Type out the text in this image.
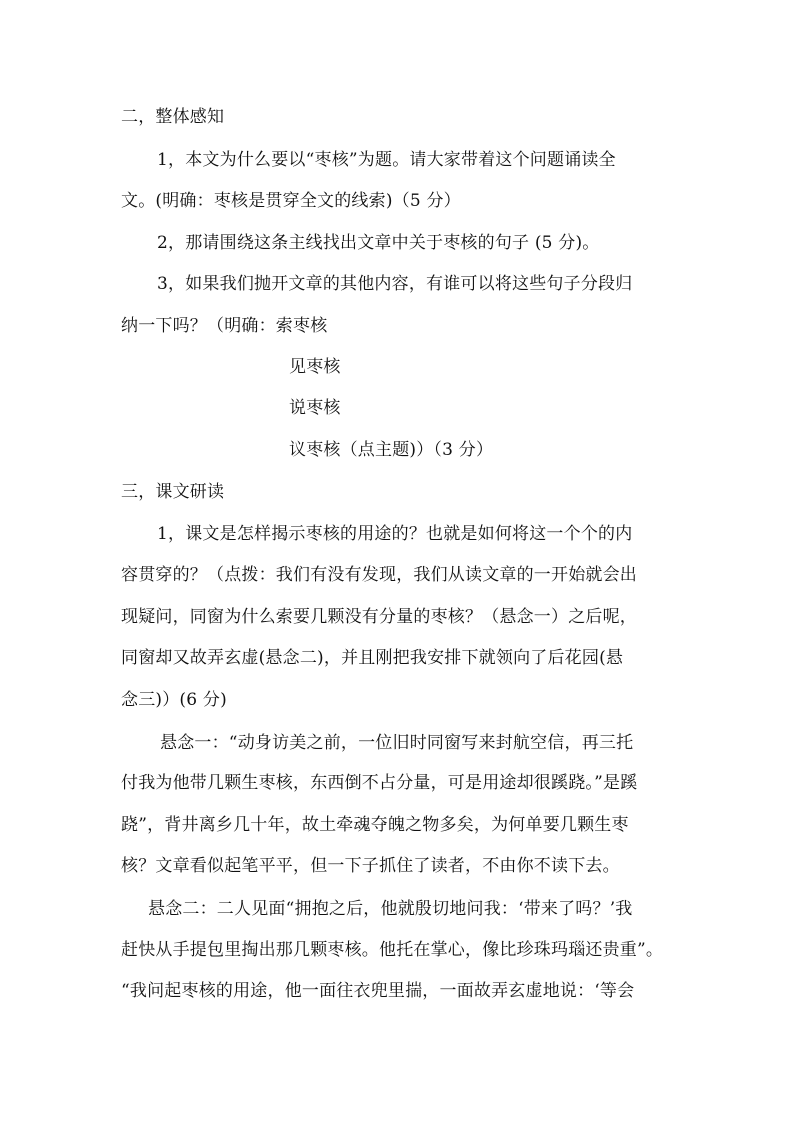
二，整体感知
1，本文为什么要以“枣核”为题。请大家带着这个问题诵读全
文。(明确：枣核是贯穿全文的线索)（5 分）
2，那请围绕这条主线找出文章中关于枣核的句子 (5 分)。
3，如果我们抛开文章的其他内容，有谁可以将这些句子分段归
纳一下吗？（明确：索枣核
见枣核
说枣核
议枣核（点主题)）（3 分）
三，课文研读
1，课文是怎样揭示枣核的用途的？也就是如何将这一个个的内
容贯穿的？（点拨：我们有没有发现，我们从读文章的一开始就会出
现疑问，同窗为什么索要几颗没有分量的枣核？（悬念一）之后呢，
同窗却又故弄玄虚(悬念二)，并且刚把我安排下就领向了后花园(悬
念三)）(6 分)
悬念一：“动身访美之前，一位旧时同窗写来封航空信，再三托
付我为他带几颗生枣核，东西倒不占分量，可是用途却很蹊跷。”是蹊
跷”，背井离乡几十年，故土牵魂夺魄之物多矣，为何单要几颗生枣
核？文章看似起笔平平，但一下子抓住了读者，不由你不读下去。
悬念二：二人见面“拥抱之后，他就殷切地问我：‘带来了吗？’我
赶快从手提包里掏出那几颗枣核。他托在掌心，像比珍珠玛瑙还贵重”。
“我问起枣核的用途，他一面往衣兜里揣，一面故弄玄虚地说：‘等会
